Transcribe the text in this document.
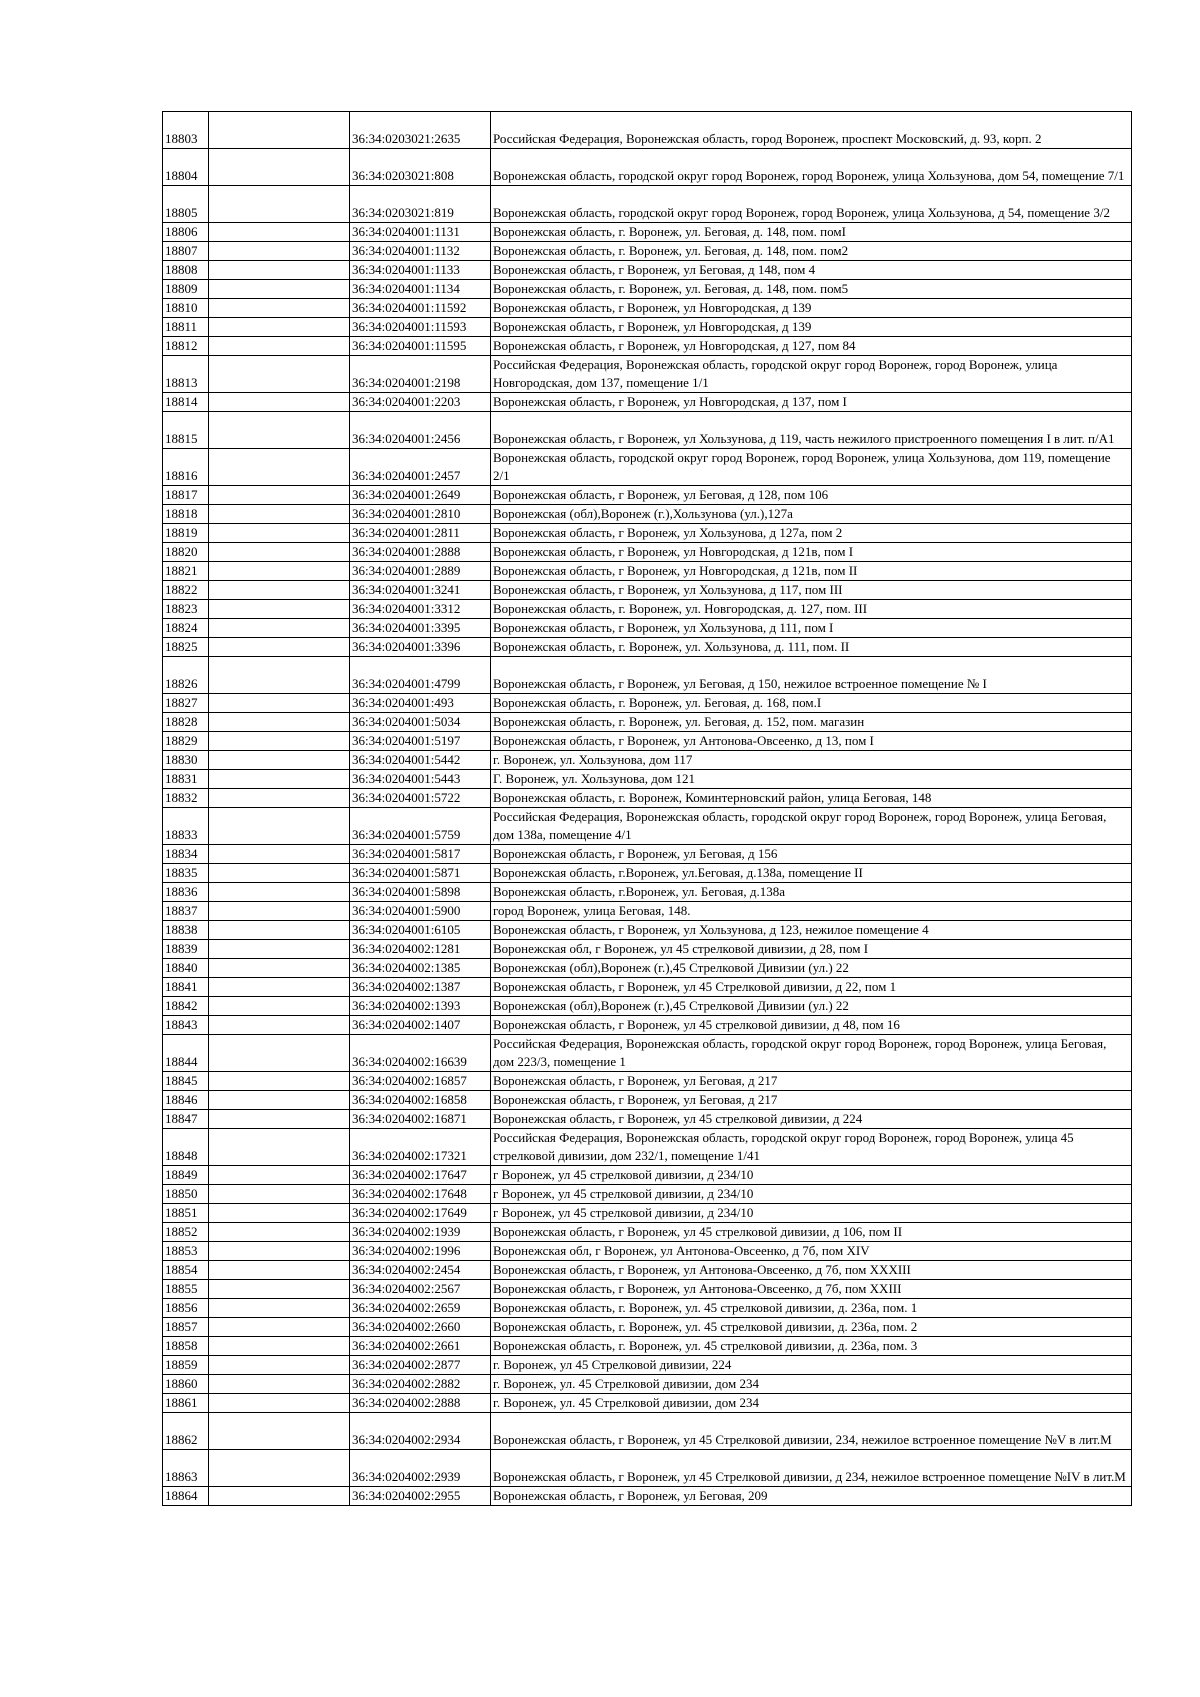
18803		36:34:0203021:2635	Российская Федерация, Воронежская область, город Воронеж, проспект Московский, д. 93, корп. 2
18804		36:34:0203021:808	Воронежская область, городской округ город Воронеж, город Воронеж, улица Хользунова, дом 54, помещение 7/1
18805		36:34:0203021:819	Воронежская область, городской округ город Воронеж, город Воронеж, улица Хользунова, д 54, помещение 3/2
18806		36:34:0204001:1131	Воронежская область, г. Воронеж, ул. Беговая, д. 148, пом. помI
18807		36:34:0204001:1132	Воронежская область, г. Воронеж, ул. Беговая, д. 148, пом. пом2
18808		36:34:0204001:1133	Воронежская область, г Воронеж, ул Беговая, д 148, пом 4
18809		36:34:0204001:1134	Воронежская область, г. Воронеж, ул. Беговая, д. 148, пом. пом5
18810		36:34:0204001:11592	Воронежская область, г Воронеж, ул Новгородская, д 139
18811		36:34:0204001:11593	Воронежская область, г Воронеж, ул Новгородская, д 139
18812		36:34:0204001:11595	Воронежская область, г Воронеж, ул Новгородская, д 127, пом 84
18813		36:34:0204001:2198	Российская Федерация, Воронежская область, городской округ город Воронеж, город Воронеж, улица Новгородская, дом 137, помещение 1/1
18814		36:34:0204001:2203	Воронежская область, г Воронеж, ул Новгородская, д 137, пом I
18815		36:34:0204001:2456	Воронежская область, г Воронеж, ул Хользунова, д 119, часть нежилого пристроенного помещения I в лит. п/А1
18816		36:34:0204001:2457	Воронежская область, городской округ город Воронеж, город Воронеж, улица Хользунова, дом 119, помещение 2/1
18817		36:34:0204001:2649	Воронежская область, г Воронеж, ул Беговая, д 128, пом 106
18818		36:34:0204001:2810	Воронежская (обл),Воронеж (г.),Хользунова (ул.),127а
18819		36:34:0204001:2811	Воронежская область, г Воронеж, ул Хользунова, д 127а, пом 2
18820		36:34:0204001:2888	Воронежская область, г Воронеж, ул Новгородская, д 121в, пом I
18821		36:34:0204001:2889	Воронежская область, г Воронеж, ул Новгородская, д 121в, пом II
18822		36:34:0204001:3241	Воронежская область, г Воронеж, ул Хользунова, д 117, пом III
18823		36:34:0204001:3312	Воронежская область, г. Воронеж, ул. Новгородская, д. 127, пом. III
18824		36:34:0204001:3395	Воронежская область, г Воронеж, ул Хользунова, д 111, пом I
18825		36:34:0204001:3396	Воронежская область, г. Воронеж, ул. Хользунова, д. 111, пом. II
18826		36:34:0204001:4799	Воронежская область, г Воронеж, ул Беговая, д 150, нежилое встроенное помещение № I
18827		36:34:0204001:493	Воронежская область, г. Воронеж, ул. Беговая, д. 168, пом.I
18828		36:34:0204001:5034	Воронежская область, г. Воронеж, ул. Беговая, д. 152, пом. магазин
18829		36:34:0204001:5197	Воронежская область, г Воронеж, ул Антонова-Овсеенко, д 13, пом I
18830		36:34:0204001:5442	г. Воронеж, ул. Хользунова, дом 117
18831		36:34:0204001:5443	Г. Воронеж, ул. Хользунова, дом 121
18832		36:34:0204001:5722	Воронежская область, г. Воронеж, Коминтерновский район, улица Беговая, 148
18833		36:34:0204001:5759	Российская Федерация, Воронежская область, городской округ город Воронеж, город Воронеж, улица Беговая, дом 138а, помещение 4/1
18834		36:34:0204001:5817	Воронежская область, г Воронеж, ул Беговая, д 156
18835		36:34:0204001:5871	Воронежская область, г.Воронеж, ул.Беговая, д.138а, помещение II
18836		36:34:0204001:5898	Воронежская область, г.Воронеж, ул. Беговая, д.138а
18837		36:34:0204001:5900	город Воронеж, улица Беговая, 148.
18838		36:34:0204001:6105	Воронежская область, г Воронеж, ул Хользунова, д 123, нежилое помещение 4
18839		36:34:0204002:1281	Воронежская обл, г Воронеж, ул 45 стрелковой дивизии, д 28, пом I
18840		36:34:0204002:1385	Воронежская (обл),Воронеж (г.),45 Стрелковой Дивизии (ул.) 22
18841		36:34:0204002:1387	Воронежская область, г Воронеж, ул 45 Стрелковой дивизии, д 22, пом 1
18842		36:34:0204002:1393	Воронежская (обл),Воронеж (г.),45 Стрелковой Дивизии (ул.) 22
18843		36:34:0204002:1407	Воронежская область, г Воронеж, ул 45 стрелковой дивизии, д 48, пом 16
18844		36:34:0204002:16639	Российская Федерация, Воронежская область, городской округ город Воронеж, город Воронеж, улица Беговая, дом 223/3, помещение 1
18845		36:34:0204002:16857	Воронежская область, г Воронеж, ул Беговая, д 217
18846		36:34:0204002:16858	Воронежская область, г Воронеж, ул Беговая, д 217
18847		36:34:0204002:16871	Воронежская область, г Воронеж, ул 45 стрелковой дивизии, д 224
18848		36:34:0204002:17321	Российская Федерация, Воронежская область, городской округ город Воронеж, город Воронеж, улица 45 стрелковой дивизии, дом 232/1, помещение 1/41
18849		36:34:0204002:17647	г Воронеж, ул 45 стрелковой дивизии, д 234/10
18850		36:34:0204002:17648	г Воронеж, ул 45 стрелковой дивизии, д 234/10
18851		36:34:0204002:17649	г Воронеж, ул 45 стрелковой дивизии, д 234/10
18852		36:34:0204002:1939	Воронежская область, г Воронеж, ул 45 стрелковой дивизии, д 106, пом II
18853		36:34:0204002:1996	Воронежская обл, г Воронеж, ул Антонова-Овсеенко, д 7б, пом XIV
18854		36:34:0204002:2454	Воронежская область, г Воронеж, ул Антонова-Овсеенко, д 7б, пом XXXIII
18855		36:34:0204002:2567	Воронежская область, г Воронеж, ул Антонова-Овсеенко, д 7б, пом XXIII
18856		36:34:0204002:2659	Воронежская область, г. Воронеж, ул. 45 стрелковой дивизии, д. 236а, пом. 1
18857		36:34:0204002:2660	Воронежская область, г. Воронеж, ул. 45 стрелковой дивизии, д. 236а, пом. 2
18858		36:34:0204002:2661	Воронежская область, г. Воронеж, ул. 45 стрелковой дивизии, д. 236а, пом. 3
18859		36:34:0204002:2877	г. Воронеж, ул 45 Стрелковой дивизии, 224
18860		36:34:0204002:2882	г. Воронеж, ул. 45 Стрелковой дивизии, дом 234
18861		36:34:0204002:2888	г. Воронеж, ул. 45 Стрелковой дивизии, дом 234
18862		36:34:0204002:2934	Воронежская область, г Воронеж, ул 45 Стрелковой дивизии, 234, нежилое встроенное помещение №V в лит.М
18863		36:34:0204002:2939	Воронежская область, г Воронеж, ул 45 Стрелковой дивизии, д 234, нежилое встроенное помещение №IV в лит.М
18864		36:34:0204002:2955	Воронежская область, г Воронеж, ул Беговая, 209
